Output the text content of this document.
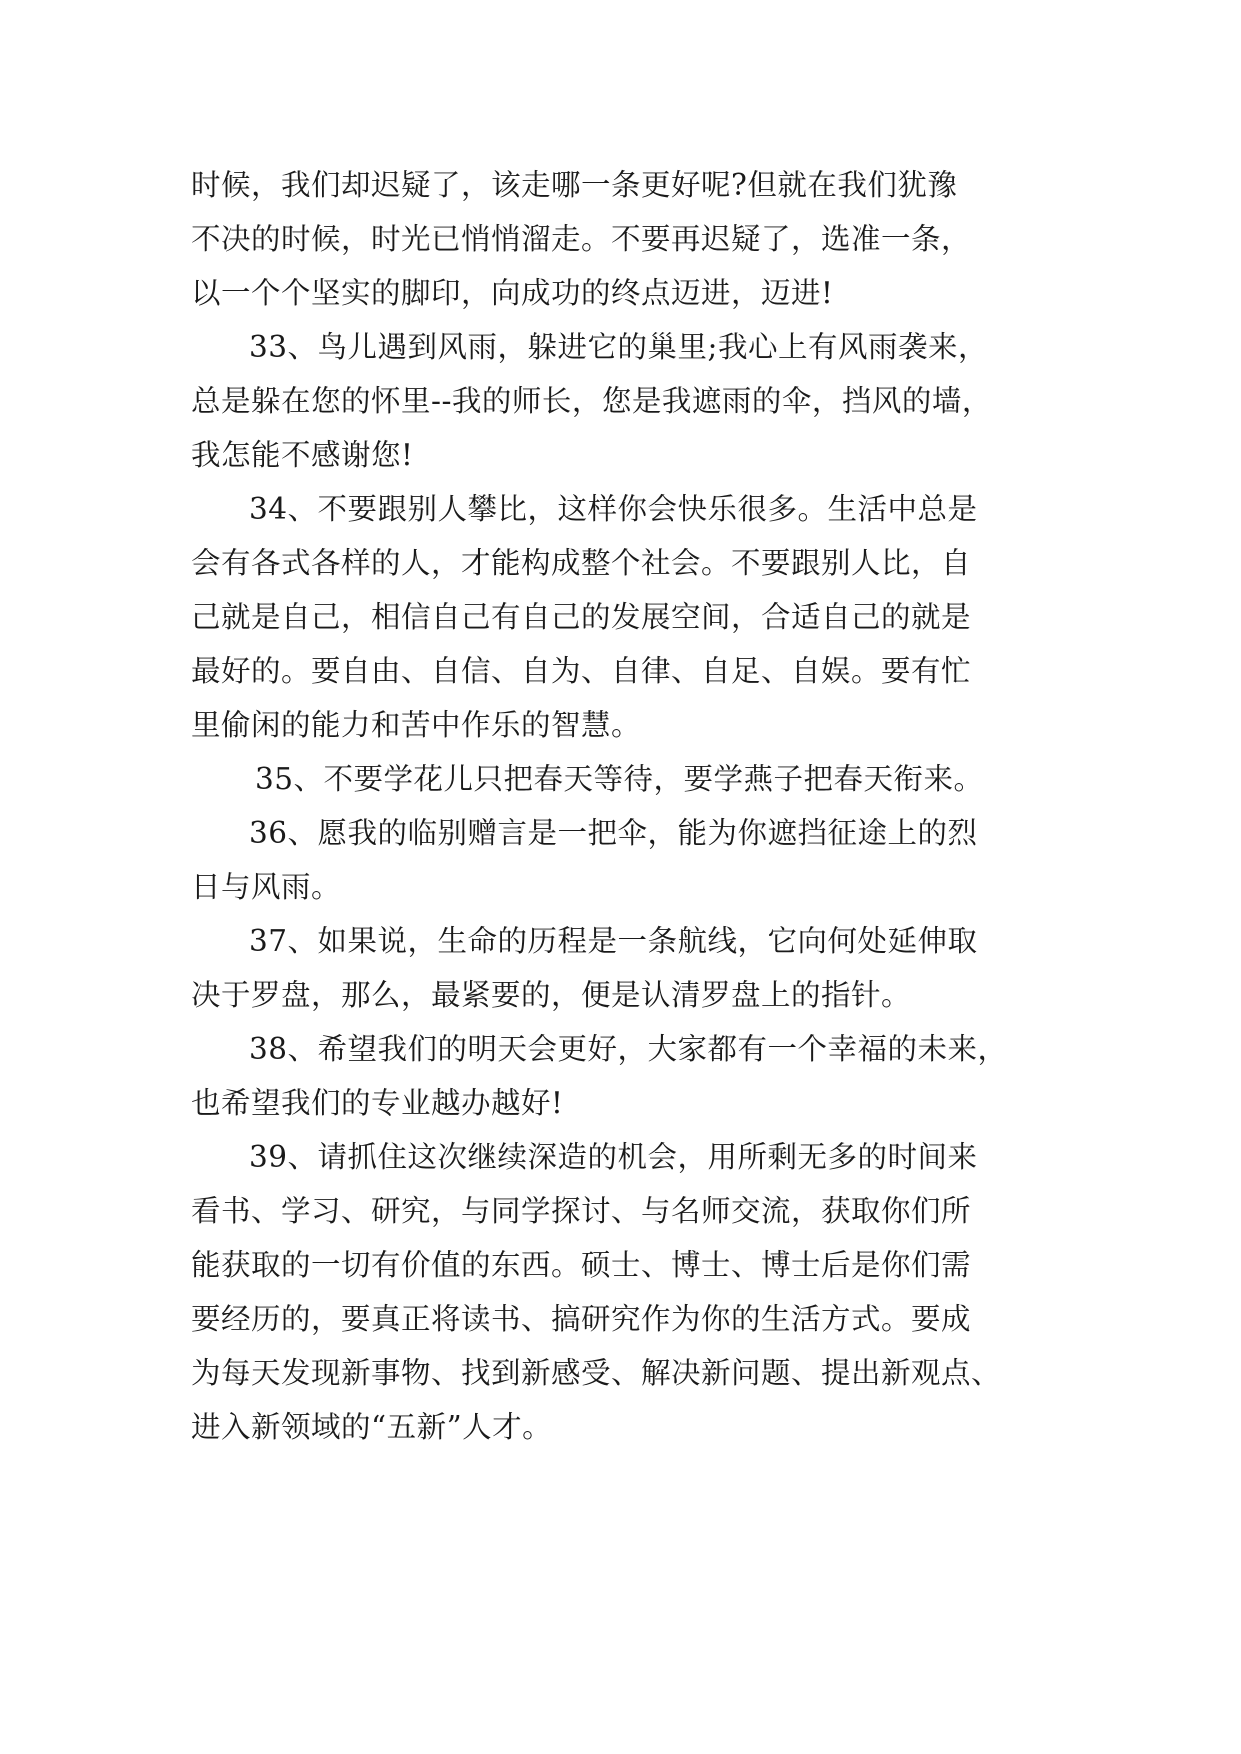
时候，我们却迟疑了，该走哪一条更好呢?但就在我们犹豫
不决的时候，时光已悄悄溜走。不要再迟疑了，选准一条，
以一个个坚实的脚印，向成功的终点迈进，迈进!
33、鸟儿遇到风雨，躲进它的巢里;我心上有风雨袭来，
总是躲在您的怀里--我的师长，您是我遮雨的伞，挡风的墙，
我怎能不感谢您!
34、不要跟别人攀比，这样你会快乐很多。生活中总是
会有各式各样的人，才能构成整个社会。不要跟别人比，自
己就是自己，相信自己有自己的发展空间，合适自己的就是
最好的。要自由、自信、自为、自律、自足、自娱。要有忙
里偷闲的能力和苦中作乐的智慧。
35、不要学花儿只把春天等待，要学燕子把春天衔来。
36、愿我的临别赠言是一把伞，能为你遮挡征途上的烈
日与风雨。
37、如果说，生命的历程是一条航线，它向何处延伸取
决于罗盘，那么，最紧要的，便是认清罗盘上的指针。
38、希望我们的明天会更好，大家都有一个幸福的未来，
也希望我们的专业越办越好!
39、请抓住这次继续深造的机会，用所剩无多的时间来
看书、学习、研究，与同学探讨、与名师交流，获取你们所
能获取的一切有价值的东西。硕士、博士、博士后是你们需
要经历的，要真正将读书、搞研究作为你的生活方式。要成
为每天发现新事物、找到新感受、解决新问题、提出新观点、
进入新领域的“五新”人才。
